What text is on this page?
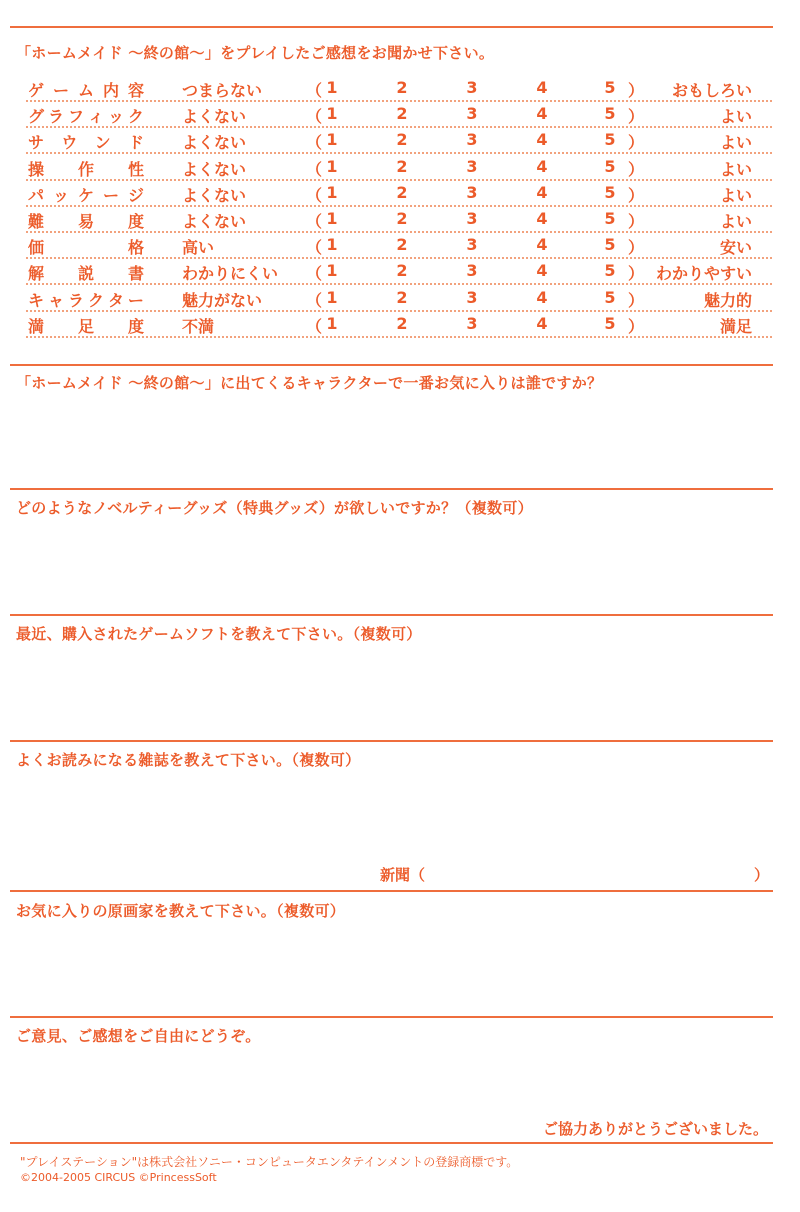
「ホームメイド ～終の館～」をプレイしたご感想をお聞かせ下さい。
ゲ ー ム 内 容 つまらない	（ 1	2	3	4	5 ） おもしろい
グ ラ フ ィ ッ ク よくない	（ 1	2	3	4	5 ）	よい
サ ウ ン ド よくない	（ 1	2	3	4	5 ）	よい
操 作 性 よくない	（ 1	2	3	4	5 ）	よい
パ ッ ケ ー ジ よくない	（ 1	2	3	4	5 ）	よい
難 易 度 よくない	（ 1	2	3	4	5 ）	よい
価	格 高い	（ 1	2	3	4	5 ）	安い
解 説 書 わかりにくい （ 1	2	3	4	5 ） わかりやすい
キ ャ ラ ク タ ー 魅力がない	（ 1	2	3	4	5 ）	魅力的
満 足 度 不満	（ 1	2	3	4	5 ）	満足
「ホームメイド ～終の館～」に出てくるキャラクターで一番お気に入りは誰ですか？
どのようなノベルティーグッズ（特典グッズ）が欲しいですか？（複数可）
最近、購入されたゲームソフトを教えて下さい。（複数可）
よくお読みになる雑誌を教えて下さい。（複数可）
新聞（	）
お気に入りの原画家を教えて下さい。（複数可）
ご意見、ご感想をご自由にどうぞ。
ご協力ありがとうございました。
"プレイステーション"は株式会社ソニー・コンピュータエンタテインメントの登録商標です。
©2004-2005 CIRCUS ©PrincessSoft
